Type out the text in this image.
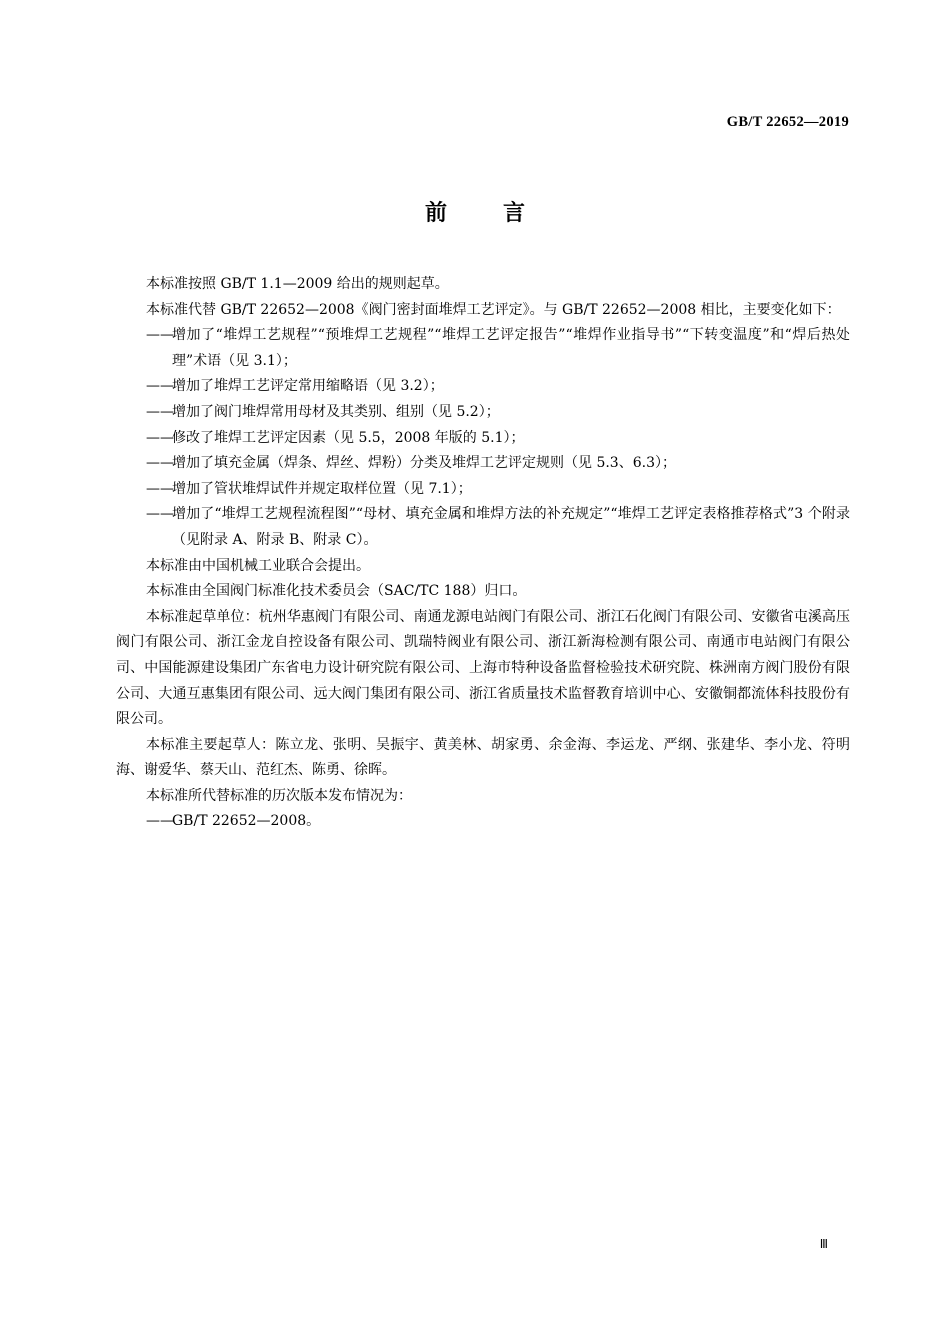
GB/T 22652—2019
前言

本标准按照 GB/T 1.1—2009 给出的规则起草。

本标准代替 GB/T 22652—2008《阀门密封面堆焊工艺评定》。与 GB/T 22652—2008 相比，主要变化如下：

——
增加了“堆焊工艺规程”“预堆焊工艺规程”“堆焊工艺评定报告”“堆焊作业指导书”“下转变温度”和“焊后热处理”术语（见 3.1）；

——
增加了堆焊工艺评定常用缩略语（见 3.2）；

——
增加了阀门堆焊常用母材及其类别、组别（见 5.2）；

——
修改了堆焊工艺评定因素（见 5.5，2008 年版的 5.1）；

——
增加了填充金属（焊条、焊丝、焊粉）分类及堆焊工艺评定规则（见 5.3、6.3）；

——
增加了管状堆焊试件并规定取样位置（见 7.1）；

——
增加了“堆焊工艺规程流程图”“母材、填充金属和堆焊方法的补充规定”“堆焊工艺评定表格推荐格式”3 个附录（见附录 A、附录 B、附录 C）。

本标准由中国机械工业联合会提出。

本标准由全国阀门标准化技术委员会（SAC/TC 188）归口。

本标准起草单位：杭州华惠阀门有限公司、南通龙源电站阀门有限公司、浙江石化阀门有限公司、安徽省屯溪高压阀门有限公司、浙江金龙自控设备有限公司、凯瑞特阀业有限公司、浙江新海检测有限公司、南通市电站阀门有限公司、中国能源建设集团广东省电力设计研究院有限公司、上海市特种设备监督检验技术研究院、株洲南方阀门股份有限公司、大通互惠集团有限公司、远大阀门集团有限公司、浙江省质量技术监督教育培训中心、安徽铜都流体科技股份有限公司。

本标准主要起草人：陈立龙、张明、吴振宇、黄美林、胡家勇、余金海、李运龙、严纲、张建华、李小龙、符明海、谢爱华、蔡天山、范红杰、陈勇、徐晖。

本标准所代替标准的历次版本发布情况为：

——
GB/T 22652—2008。

Ⅲ
